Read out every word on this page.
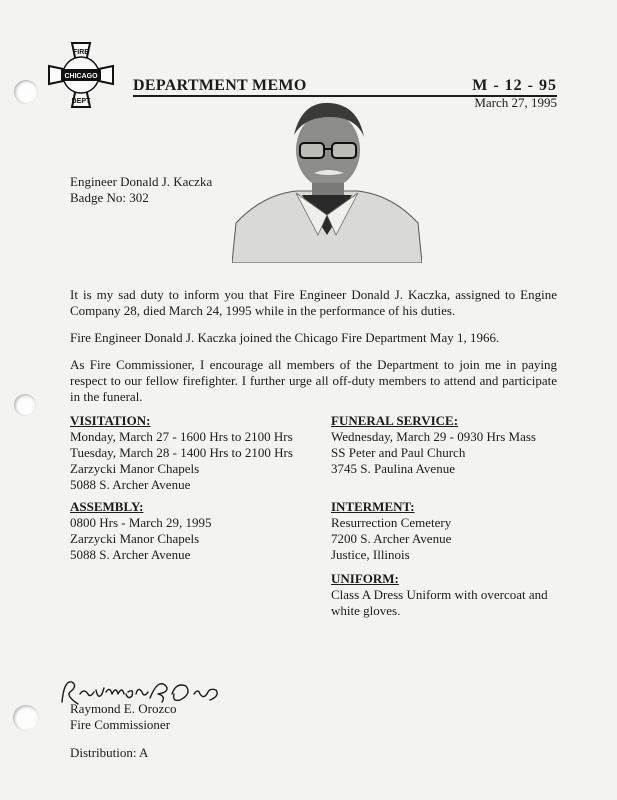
FIRE
CHICAGO
DEPT
DEPARTMENT MEMO	M - 12 - 95
March 27, 1995
Engineer Donald J. Kaczka
Badge No: 302
It is my sad duty to inform you that Fire Engineer Donald J. Kaczka, assigned to Engine Company 28, died March 24, 1995 while in the performance of his duties.
Fire Engineer Donald J. Kaczka joined the Chicago Fire Department May 1, 1966.
As Fire Commissioner, I encourage all members of the Department to join me in paying respect to our fellow firefighter. I further urge all off-duty members to attend and participate in the funeral.
VISITATION:
Monday, March 27 - 1600 Hrs to 2100 Hrs
Tuesday, March 28 - 1400 Hrs to 2100 Hrs
Zarzycki Manor Chapels
5088 S. Archer Avenue
ASSEMBLY:
0800 Hrs - March 29, 1995
Zarzycki Manor Chapels
5088 S. Archer Avenue
FUNERAL SERVICE:
Wednesday, March 29 - 0930 Hrs Mass
SS Peter and Paul Church
3745 S. Paulina Avenue
INTERMENT:
Resurrection Cemetery
7200 S. Archer Avenue
Justice, Illinois
UNIFORM:
Class A Dress Uniform with overcoat and white gloves.
Raymond E. Orozco
Fire Commissioner
Distribution: A
